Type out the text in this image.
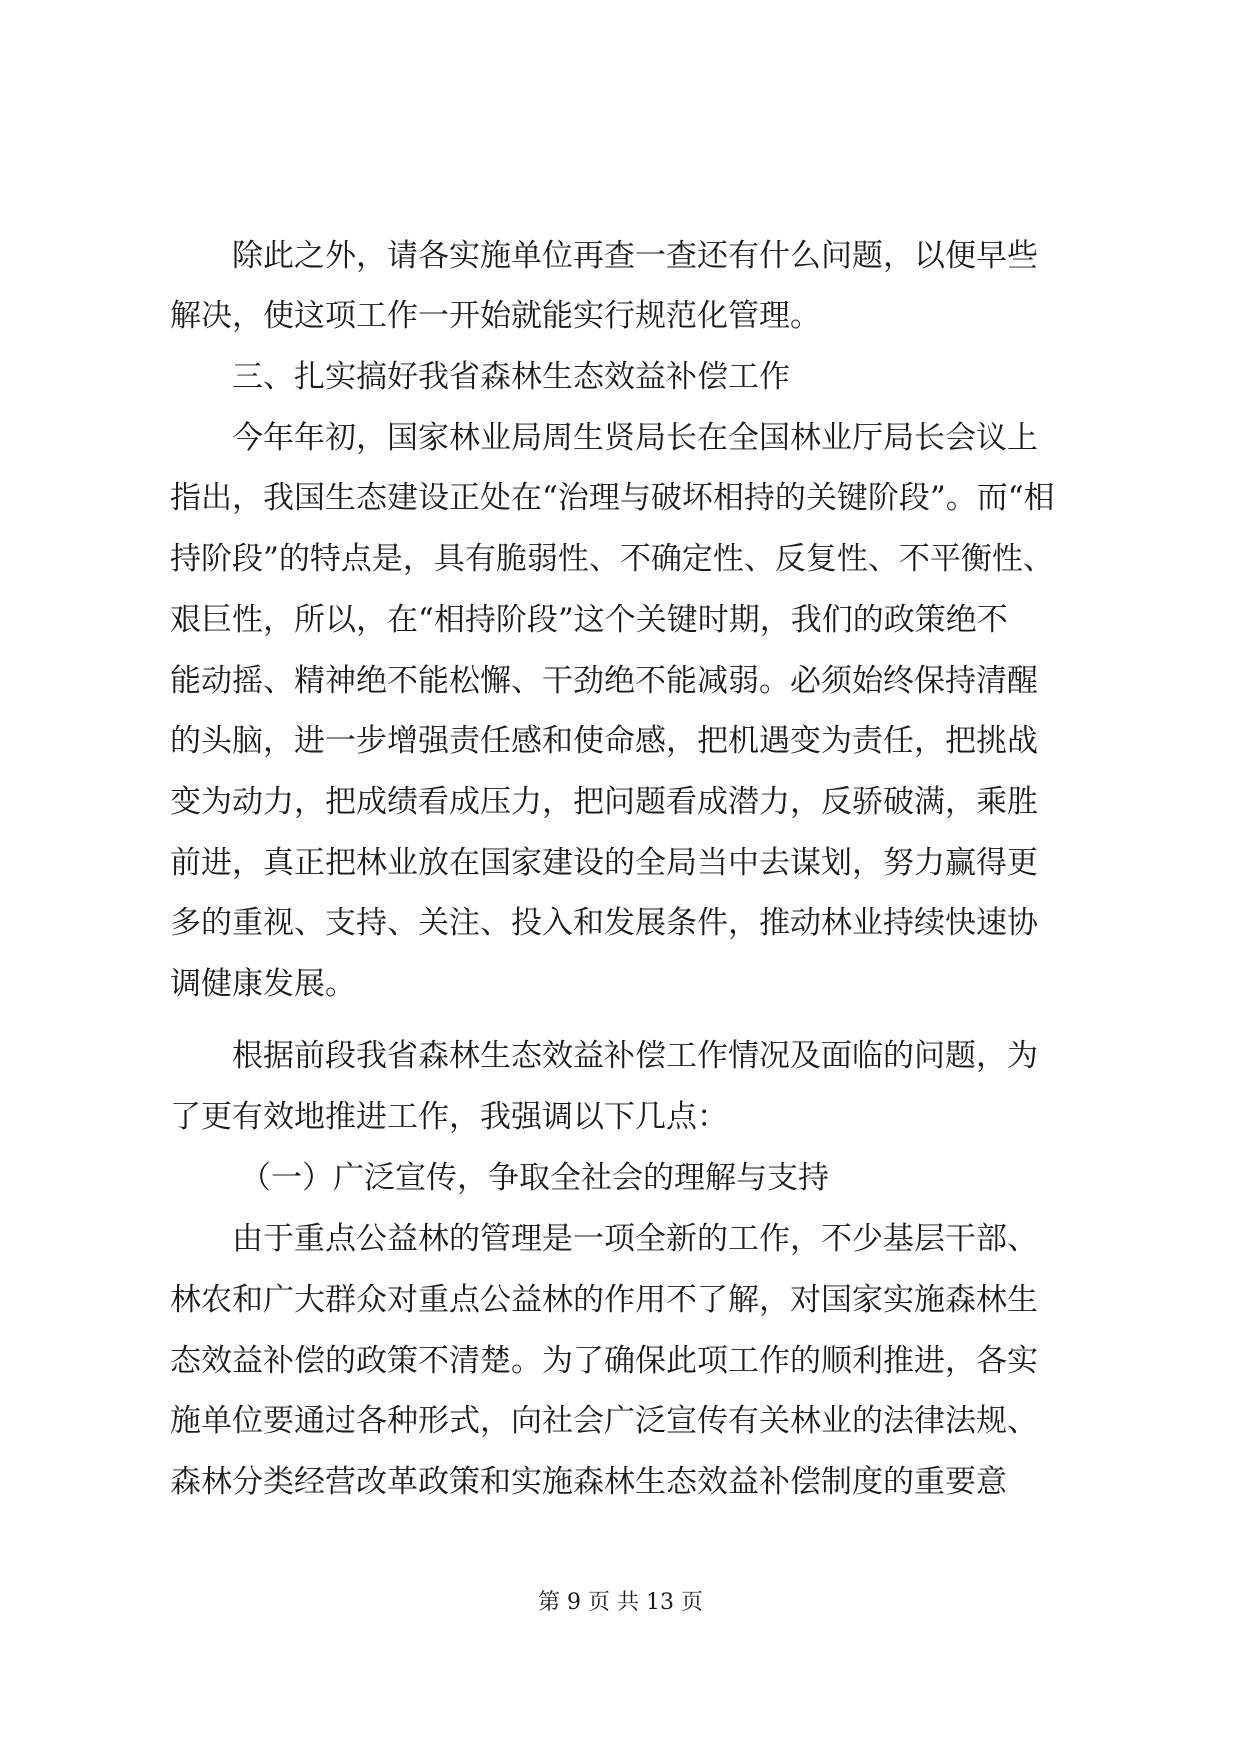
除此之外，请各实施单位再查一查还有什么问题，以便早些
解决，使这项工作一开始就能实行规范化管理。
三、扎实搞好我省森林生态效益补偿工作
今年年初，国家林业局周生贤局长在全国林业厅局长会议上
指出，我国生态建设正处在“治理与破坏相持的关键阶段”。而“相
持阶段”的特点是，具有脆弱性、不确定性、反复性、不平衡性、
艰巨性，所以，在“相持阶段”这个关键时期，我们的政策绝不
能动摇、精神绝不能松懈、干劲绝不能减弱。必须始终保持清醒
的头脑，进一步增强责任感和使命感，把机遇变为责任，把挑战
变为动力，把成绩看成压力，把问题看成潜力，反骄破满，乘胜
前进，真正把林业放在国家建设的全局当中去谋划，努力赢得更
多的重视、支持、关注、投入和发展条件，推动林业持续快速协
调健康发展。
根据前段我省森林生态效益补偿工作情况及面临的问题，为
了更有效地推进工作，我强调以下几点：
（一）广泛宣传，争取全社会的理解与支持
由于重点公益林的管理是一项全新的工作，不少基层干部、
林农和广大群众对重点公益林的作用不了解，对国家实施森林生
态效益补偿的政策不清楚。为了确保此项工作的顺利推进，各实
施单位要通过各种形式，向社会广泛宣传有关林业的法律法规、
森林分类经营改革政策和实施森林生态效益补偿制度的重要意
第 9 页 共 13 页
